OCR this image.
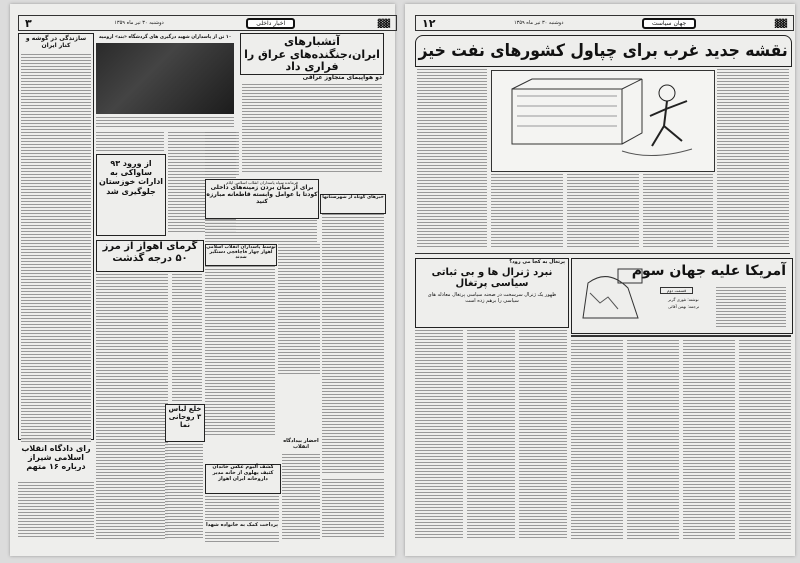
۳	دوشنبه ۳۰ تیر ماه ۱۳۵۹	اخبار داخلی	▓▓
آتشبارهای ایران،جنگنده‌های عراق را فراری داد
دو هواپیمای متجاوز عراقی
۱۰ تن از پاسداران شهید درگیری های گردشگاه «بند» ارومیه
سازندگی در گوشه و کنار ایران
از ورود ۹۳ ساواکی به ادارات خوزستان جلوگیری شد
فرمانده سپاه پاسداران انقلاب اسلامی ایلام
برای از میان بردن زمینه‌های داخلی کودتا با عوامل وابسته قاطعانه مبارزه کنید
توسط پاسداران انقلاب اسلامی اهواز چهار قاچاقچی دستگیر شدند
خبرهای کوتاه از شهرستانها
گرمای اهواز از مرز ۵۰ درجه گذشت
خلع لباس ۳ روحانی نما
کشف آلبوم عکس خاندان کثیف پهلوی از خانه مدیر داروخانه ایران اهواز
پرداخت کمک به خانواده شهدا
احضار بیدادگاه انقلاب
رای دادگاه انقلاب اسلامی شیراز درباره ۱۶ متهم
۱۲	دوشنبه ۳۰ تیر ماه ۱۳۵۹	جهان سیاست	▓▓
نقشه جدید غرب برای چپاول کشورهای نفت خیز
پرتغال به کجا می رود؟
نبرد ژنرال ها و بی ثباتی سیاسی پرتغال
ظهور یک ژنرال سرسخت در صحنه سیاسی پرتغال معادله های سیاسی را برهم زده است
آمریکا علیه جهان سوم
قسمت دوم
نوشته: تئوری گرنر
ترجمه: بهمن آقائی
